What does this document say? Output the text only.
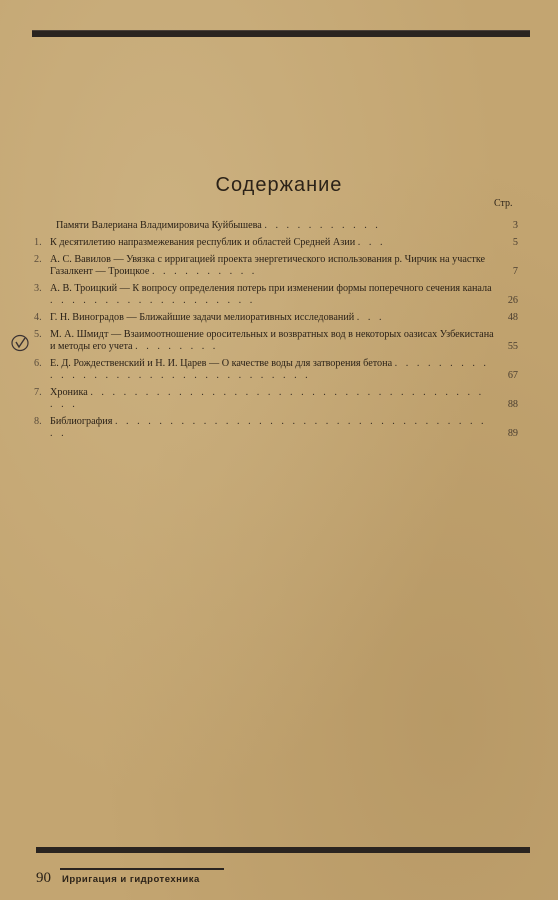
Содержание
Стр.
Памяти Валериана Владимировича Куйбышева . . . . . . . . . . .	3
1. К десятилетию напразмежевания республик и областей Средней Азии . . .	5
2. А. С. Вавилов — Увязка с ирригацией проекта энергетического использования р. Чирчик на участке Газалкент — Троицкое . . . . . . . . . .	7
3. А. В. Троицкий — К вопросу определения потерь при изменении формы поперечного сечения канала . . . . . . . . . . . . . . . . . . .	26
4. Г. Н. Виноградов — Ближайшие задачи мелиоративных исследований . . .	48
5. М. А. Шмидт — Взаимоотношение оросительных и возвратных вод в некоторых оазисах Узбекистана и методы его учета . . . . . . . .	55
6. Е. Д. Рождественский и Н. И. Царев — О качестве воды для затворения бетона . . . . . . . . . . . . . . . . . . . . . . . . . . . . . . . . .	67
7. Хроника . . . . . . . . . . . . . . . . . . . . . . . . . . . . . . . . . . . . . . .	88
8. Библиография . . . . . . . . . . . . . . . . . . . . . . . . . . . . . . . . . . . .	89
90 Ирригация и гидротехника
